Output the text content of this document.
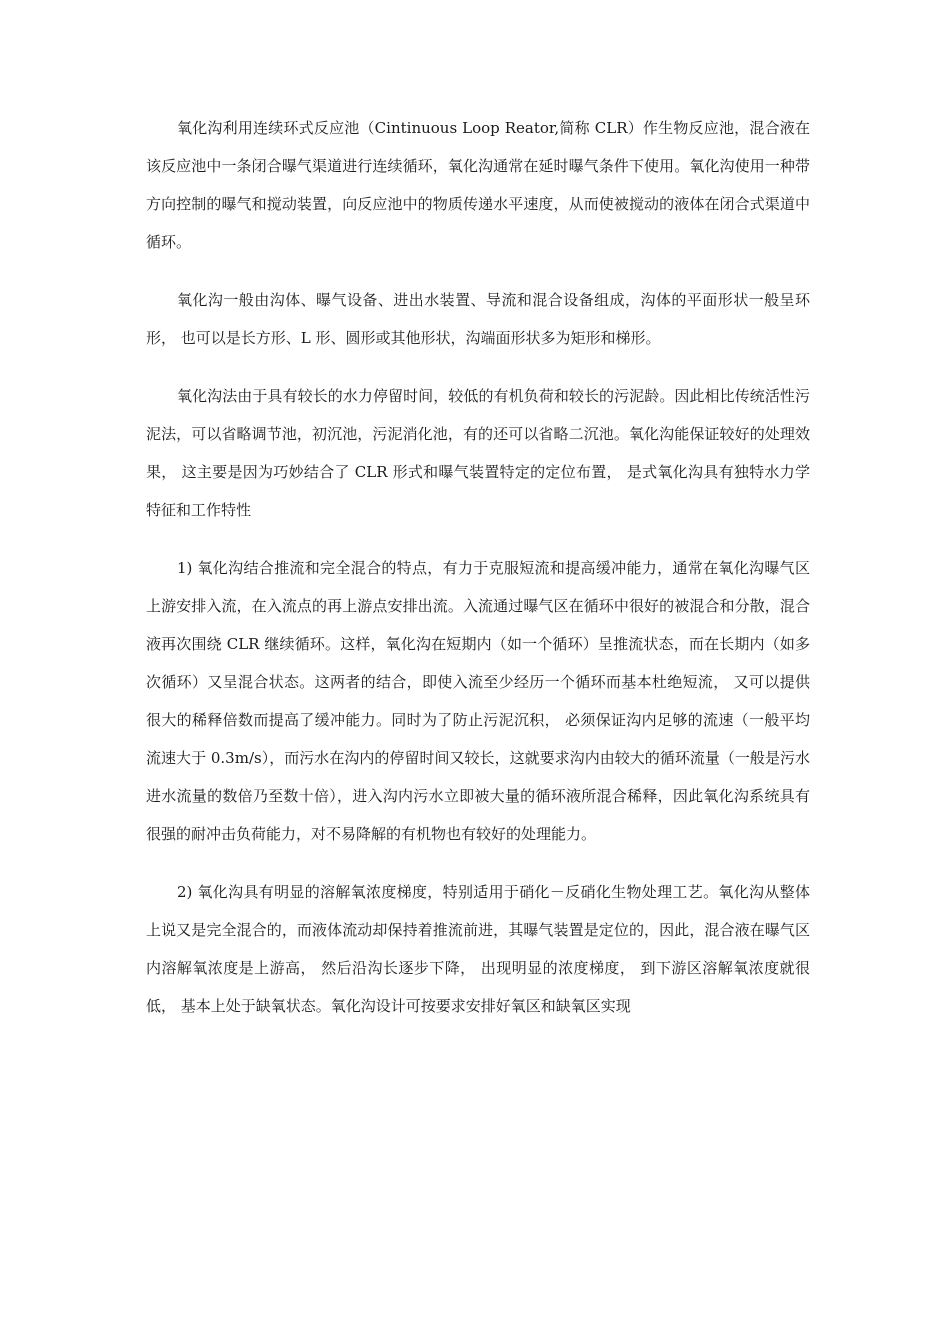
氧化沟利用连续环式反应池（Cintinuous Loop Reator,简称 CLR）作生物反应池，混合液在该反应池中一条闭合曝气渠道进行连续循环，氧化沟通常在延时曝气条件下使用。氧化沟使用一种带方向控制的曝气和搅动装置，向反应池中的物质传递水平速度，从而使被搅动的液体在闭合式渠道中循环。

氧化沟一般由沟体、曝气设备、进出水装置、导流和混合设备组成，沟体的平面形状一般呈环形， 也可以是长方形、L 形、圆形或其他形状，沟端面形状多为矩形和梯形。

氧化沟法由于具有较长的水力停留时间，较低的有机负荷和较长的污泥龄。因此相比传统活性污泥法，可以省略调节池，初沉池，污泥消化池，有的还可以省略二沉池。氧化沟能保证较好的处理效果， 这主要是因为巧妙结合了 CLR 形式和曝气装置特定的定位布置， 是式氧化沟具有独特水力学特征和工作特性

1) 氧化沟结合推流和完全混合的特点，有力于克服短流和提高缓冲能力，通常在氧化沟曝气区上游安排入流，在入流点的再上游点安排出流。入流通过曝气区在循环中很好的被混合和分散，混合液再次围绕 CLR 继续循环。这样，氧化沟在短期内（如一个循环）呈推流状态，而在长期内（如多次循环）又呈混合状态。这两者的结合，即使入流至少经历一个循环而基本杜绝短流， 又可以提供很大的稀释倍数而提高了缓冲能力。同时为了防止污泥沉积， 必须保证沟内足够的流速（一般平均流速大于 0.3m/s），而污水在沟内的停留时间又较长，这就要求沟内由较大的循环流量（一般是污水进水流量的数倍乃至数十倍），进入沟内污水立即被大量的循环液所混合稀释，因此氧化沟系统具有很强的耐冲击负荷能力，对不易降解的有机物也有较好的处理能力。

2) 氧化沟具有明显的溶解氧浓度梯度，特别适用于硝化－反硝化生物处理工艺。氧化沟从整体上说又是完全混合的，而液体流动却保持着推流前进，其曝气装置是定位的，因此，混合液在曝气区内溶解氧浓度是上游高， 然后沿沟长逐步下降， 出现明显的浓度梯度， 到下游区溶解氧浓度就很低， 基本上处于缺氧状态。氧化沟设计可按要求安排好氧区和缺氧区实现
